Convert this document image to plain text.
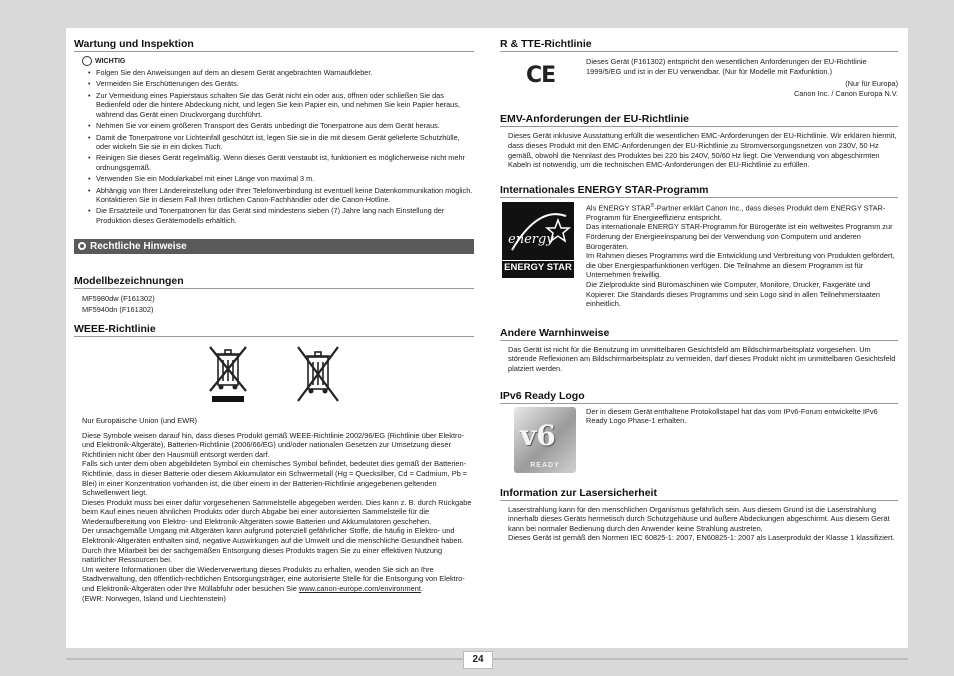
Wartung und Inspektion
WICHTIG
• Folgen Sie den Anweisungen auf dem an diesem Gerät angebrachten Warnaufkleber.
• Vermeiden Sie Erschütterungen des Geräts.
• Zur Vermeidung eines Papierstaus schalten Sie das Gerät nicht ein oder aus, öffnen oder schließen Sie das Bedienfeld oder die hintere Abdeckung nicht, und legen Sie kein Papier ein, und nehmen Sie kein Papier heraus, während das Gerät einen Druckvorgang durchführt.
• Nehmen Sie vor einem größeren Transport des Geräts unbedingt die Tonerpatrone aus dem Gerät heraus.
• Damit die Tonerpatrone vor Lichteinfall geschützt ist, legen Sie sie in die mit diesem Gerät gelieferte Schutzhülle, oder wickeln Sie sie in ein dickes Tuch.
• Reinigen Sie dieses Gerät regelmäßig. Wenn dieses Gerät verstaubt ist, funktioniert es möglicherweise nicht mehr ordnungsgemäß.
• Verwenden Sie ein Modularkabel mit einer Länge von maximal 3 m.
• Abhängig von Ihrer Ländereinstellung oder Ihrer Telefonverbindung ist eventuell keine Datenkommunikation möglich. Kontaktieren Sie in diesem Fall Ihren örtlichen Canon-Fachhändler oder die Canon-Hotline.
• Die Ersatzteile und Tonerpatronen für das Gerät sind mindestens sieben (7) Jahre lang nach Einstellung der Produktion dieses Gerätemodells erhältlich.
Rechtliche Hinweise
Modellbezeichnungen

MF5980dw (F161302)

MF5940dn (F161302)

WEEE-Richtlinie

Nur Europäische Union (und EWR)

Diese Symbole weisen darauf hin, dass dieses Produkt gemäß WEEE-Richtlinie 2002/96/EG (Richtlinie über Elektro- und Elektronik-Altgeräte), Batterien-Richtlinie (2006/66/EG) und/oder nationalen Gesetzen zur Umsetzung dieser Richtlinien nicht über den Hausmüll entsorgt werden darf.
Falls sich unter dem oben abgebildeten Symbol ein chemisches Symbol befindet, bedeutet dies gemäß der Batterien-Richtlinie, dass in dieser Batterie oder diesem Akkumulator ein Schwermetall (Hg = Quecksilber, Cd = Cadmium, Pb = Blei) in einer Konzentration vorhanden ist, die über einem in der Batterien-Richtlinie angegebenen geltenden Schwellenwert liegt.
Dieses Produkt muss bei einer dafür vorgesehenen Sammelstelle abgegeben werden. Dies kann z. B. durch Rückgabe beim Kauf eines neuen ähnlichen Produkts oder durch Abgabe bei einer autorisierten Sammelstelle für die Wiederaufbereitung von Elektro- und Elektronik-Altgeräten sowie Batterien und Akkumulatoren geschehen.
Der unsachgemäße Umgang mit Altgeräten kann aufgrund potenziell gefährlicher Stoffe, die häufig in Elektro- und Elektronik-Altgeräten enthalten sind, negative Auswirkungen auf die Umwelt und die menschliche Gesundheit haben.
Durch Ihre Mitarbeit bei der sachgemäßen Entsorgung dieses Produkts tragen Sie zu einer effektiven Nutzung natürlicher Ressourcen bei.
Um weitere Informationen über die Wiederverwertung dieses Produkts zu erhalten, wenden Sie sich an Ihre Stadtverwaltung, den öffentlich-rechtlichen Entsorgungsträger, eine autorisierte Stelle für die Entsorgung von Elektro- und Elektronik-Altgeräten oder Ihre Müllabfuhr oder besuchen Sie www.canon-europe.com/environment.

(EWR: Norwegen, Island und Liechtenstein)

R & TTE-Richtlinie
CE

Dieses Gerät (F161302) entspricht den wesentlichen Anforderungen der EU-Richtlinie 1999/5/EG und ist in der EU verwendbar. (Nur für Modelle mit Faxfunktion.)

(Nur für Europa)

Canon Inc. / Canon Europa N.V.

EMV-Anforderungen der EU-Richtlinie

Dieses Gerät inklusive Ausstattung erfüllt die wesentlichen EMC-Anforderungen der EU-Richtlinie. Wir erklären hiermit, dass dieses Produkt mit den EMC-Anforderungen der EU-Richtlinie zu Stromversorgungsnetzen von 230V, 50 Hz gemäß, obwohl die Nennlast des Produktes bei 220 bis 240V, 50/60 Hz liegt. Die Verwendung von abgeschirmten Kabeln ist notwendig, um die technischen EMC-Anforderungen der EU-Richtlinie zu erfüllen.

Internationales ENERGY STAR-Programm
energy
ENERGY STAR

Als ENERGY STAR®-Partner erklärt Canon Inc., dass dieses Produkt dem ENERGY STAR-Programm für Energieeffizienz entspricht.
Das internationale ENERGY STAR-Programm für Bürogeräte ist ein weltweites Programm zur Förderung der Energieeinsparung bei der Verwendung von Computern und anderen Bürogeräten.
Im Rahmen dieses Programms wird die Entwicklung und Verbreitung von Produkten gefördert, die über Energiesparfunktionen verfügen. Die Teilnahme an diesem Programm ist für Unternehmen freiwillig.
Die Zielprodukte sind Büromaschinen wie Computer, Monitore, Drucker, Faxgeräte und Kopierer. Die Standards dieses Programms und sein Logo sind in allen Teilnehmerstaaten einheitlich.

Andere Warnhinweise

Das Gerät ist nicht für die Benutzung im unmittelbaren Gesichtsfeld am Bildschirmarbeitsplatz vorgesehen. Um störende Reflexionen am Bildschirmarbeitsplatz zu vermeiden, darf dieses Produkt nicht im unmittelbaren Gesichtsfeld platziert werden.

IPv6 Ready Logo
v6
READY

Der in diesem Gerät enthaltene Protokollstapel hat das vom IPv6-Forum entwickelte IPv6 Ready Logo Phase-1 erhalten.

Information zur Lasersicherheit

Laserstrahlung kann für den menschlichen Organismus gefährlich sein. Aus diesem Grund ist die Laserstrahlung innerhalb dieses Geräts hermetisch durch Schutzgehäuse und äußere Abdeckungen abgeschirmt. Aus diesem Gerät kann bei normaler Bedienung durch den Anwender keine Strahlung austreten.
Dieses Gerät ist gemäß den Normen IEC 60825-1: 2007, EN60825-1: 2007 als Laserprodukt der Klasse 1 klassifiziert.

24
